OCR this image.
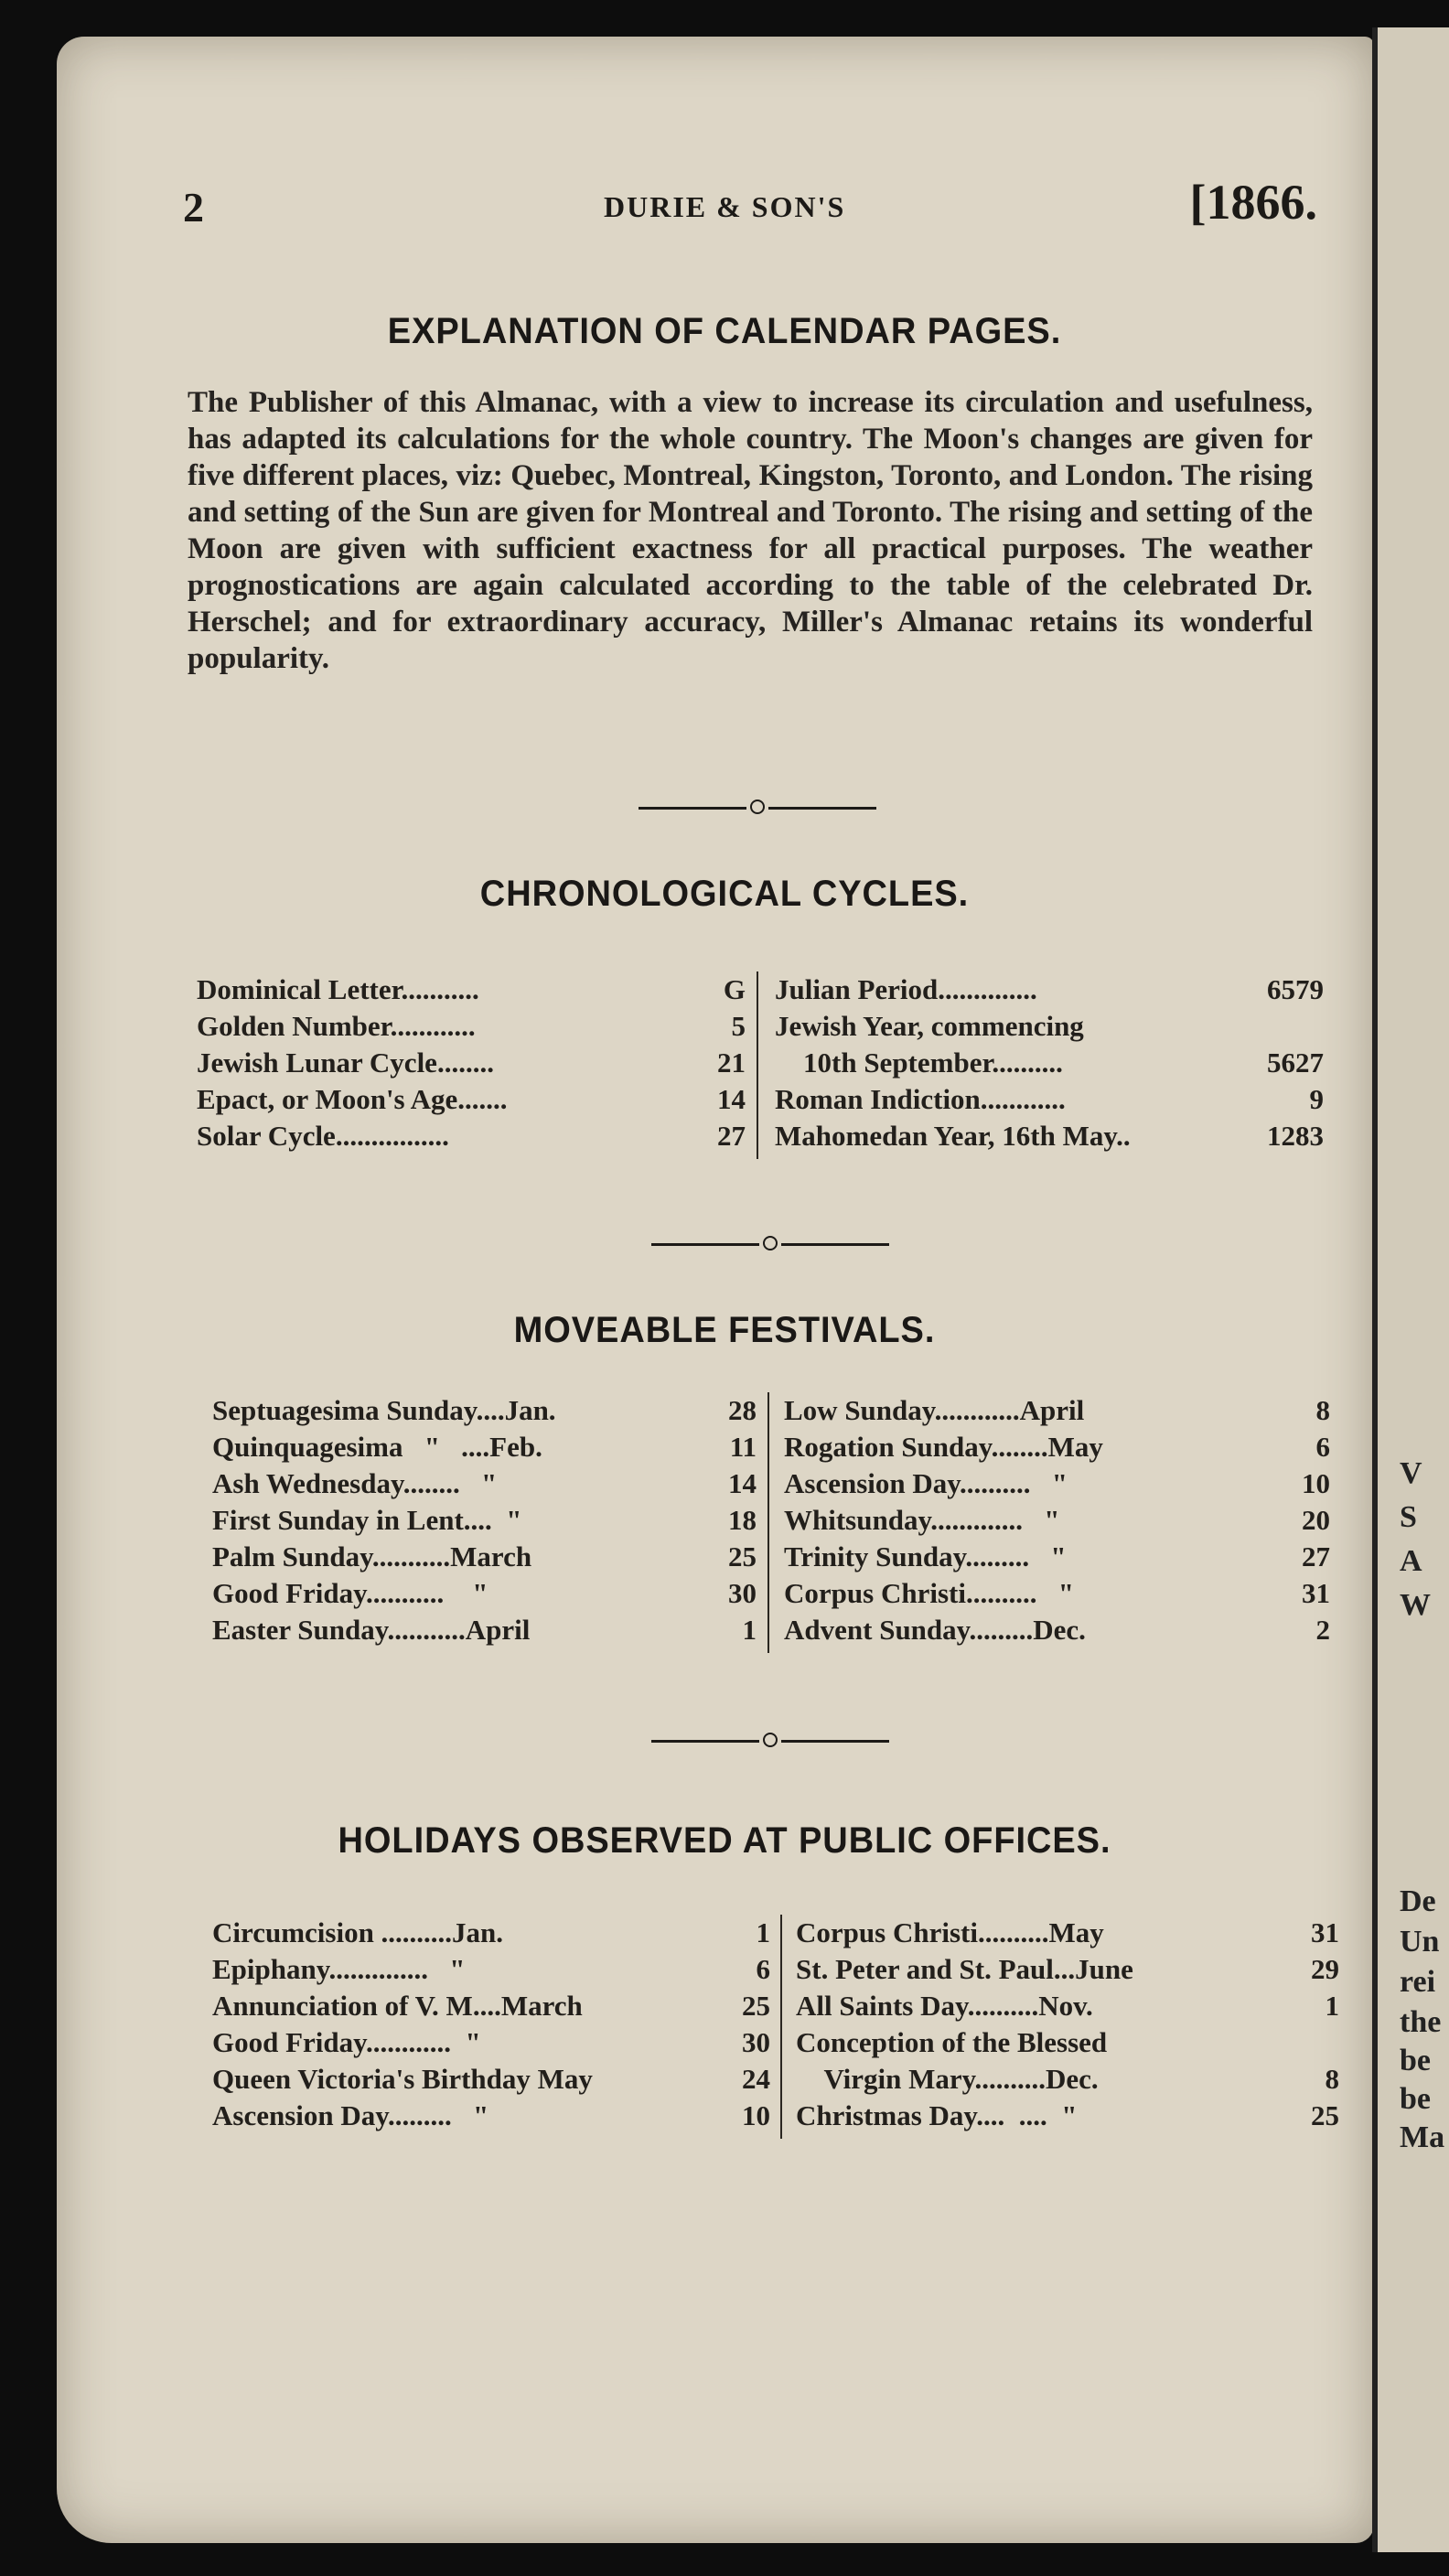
V
S
A
W
De
Un
rei
the
be
be
Ma
2	DURIE & SON'S	[1866.
EXPLANATION OF CALENDAR PAGES.
The Publisher of this Almanac, with a view to increase its circulation and usefulness, has adapted its calculations for the whole country. The Moon's changes are given for five different places, viz: Quebec, Montreal, Kingston, Toronto, and London. The rising and setting of the Sun are given for Montreal and Toronto. The rising and setting of the Moon are given with sufficient exactness for all practical purposes. The weather prognostications are again calculated according to the table of the celebrated Dr. Herschel; and for extraordinary accuracy, Miller's Almanac retains its wonderful popularity.
CHRONOLOGICAL CYCLES.
Dominical Letter...........	G
Golden Number............	5
Jewish Lunar Cycle........	21
Epact, or Moon's Age.......	14
Solar Cycle................	27
Julian Period..............	6579
Jewish Year, commencing
10th September..........	5627
Roman Indiction............	9
Mahomedan Year, 16th May..	1283
MOVEABLE FESTIVALS.
Septuagesima Sunday....Jan.	28
Quinquagesima   "   ....Feb.	11
Ash Wednesday........   "	14
First Sunday in Lent....  "	18
Palm Sunday...........March	25
Good Friday...........    "	30
Easter Sunday...........April	1
Low Sunday............April	8
Rogation Sunday........May	6
Ascension Day..........   "	10
Whitsunday.............   "	20
Trinity Sunday.........   "	27
Corpus Christi..........   "	31
Advent Sunday.........Dec.	2
HOLIDAYS OBSERVED AT PUBLIC OFFICES.
Circumcision ..........Jan.	1
Epiphany..............   "	6
Annunciation of V. M....March	25
Good Friday............  "	30
Queen Victoria's Birthday May	24
Ascension Day.........   "	10
Corpus Christi..........May	31
St. Peter and St. Paul...June	29
All Saints Day..........Nov.	1
Conception of the Blessed
Virgin Mary..........Dec.	8
Christmas Day....  ....  "	25
